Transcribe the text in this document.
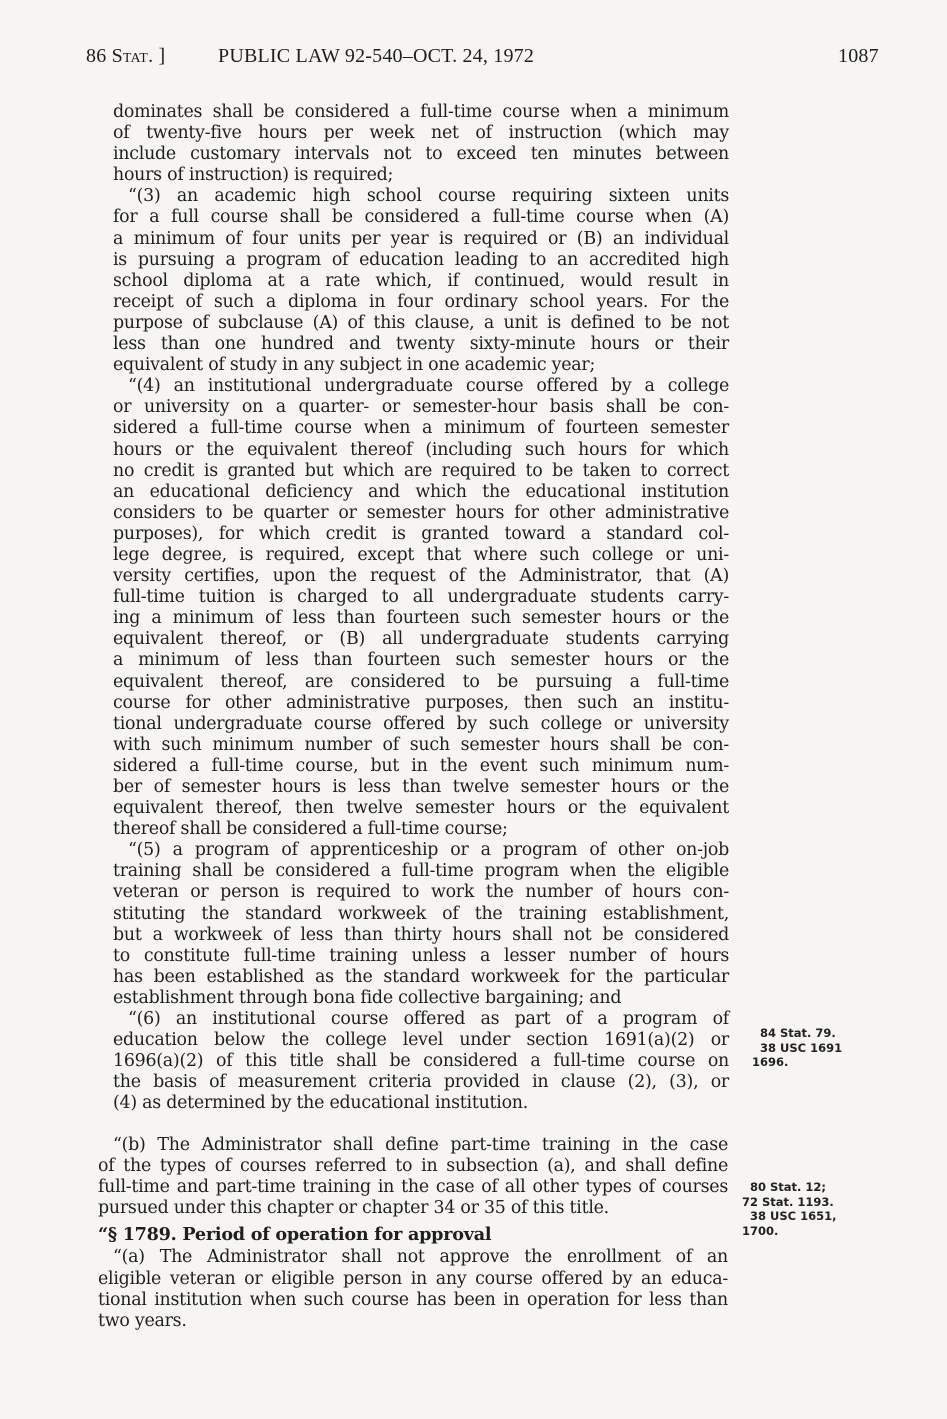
86 Stat. ]	PUBLIC LAW 92-540–OCT. 24, 1972	1087
dominates shall be considered a full-time course when a minimum
of twenty-five hours per week net of instruction (which may
include customary intervals not to exceed ten minutes between
hours of instruction) is required;
“(3) an academic high school course requiring sixteen units
for a full course shall be considered a full-time course when (A)
a minimum of four units per year is required or (B) an individual
is pursuing a program of education leading to an accredited high
school diploma at a rate which, if continued, would result in
receipt of such a diploma in four ordinary school years. For the
purpose of subclause (A) of this clause, a unit is defined to be not
less than one hundred and twenty sixty-minute hours or their
equivalent of study in any subject in one academic year;
“(4) an institutional undergraduate course offered by a college
or university on a quarter- or semester-hour basis shall be con-
sidered a full-time course when a minimum of fourteen semester
hours or the equivalent thereof (including such hours for which
no credit is granted but which are required to be taken to correct
an educational deficiency and which the educational institution
considers to be quarter or semester hours for other administrative
purposes), for which credit is granted toward a standard col-
lege degree, is required, except that where such college or uni-
versity certifies, upon the request of the Administrator, that (A)
full-time tuition is charged to all undergraduate students carry-
ing a minimum of less than fourteen such semester hours or the
equivalent thereof, or (B) all undergraduate students carrying
a minimum of less than fourteen such semester hours or the
equivalent thereof, are considered to be pursuing a full-time
course for other administrative purposes, then such an institu-
tional undergraduate course offered by such college or university
with such minimum number of such semester hours shall be con-
sidered a full-time course, but in the event such minimum num-
ber of semester hours is less than twelve semester hours or the
equivalent thereof, then twelve semester hours or the equivalent
thereof shall be considered a full-time course;
“(5) a program of apprenticeship or a program of other on-job
training shall be considered a full-time program when the eligible
veteran or person is required to work the number of hours con-
stituting the standard workweek of the training establishment,
but a workweek of less than thirty hours shall not be considered
to constitute full-time training unless a lesser number of hours
has been established as the standard workweek for the particular
establishment through bona fide collective bargaining; and
“(6) an institutional course offered as part of a program of
education below the college level under section 1691(a)(2) or
1696(a)(2) of this title shall be considered a full-time course on
the basis of measurement criteria provided in clause (2), (3), or
(4) as determined by the educational institution.
“(b) The Administrator shall define part-time training in the case
of the types of courses referred to in subsection (a), and shall define
full-time and part-time training in the case of all other types of courses
pursued under this chapter or chapter 34 or 35 of this title.
“§ 1789. Period of operation for approval
“(a) The Administrator shall not approve the enrollment of an
eligible veteran or eligible person in any course offered by an educa-
tional institution when such course has been in operation for less than
two years.
84 Stat. 79.
38 USC 1691
1696.
80 Stat. 12;
72 Stat. 1193.
38 USC 1651,
1700.
